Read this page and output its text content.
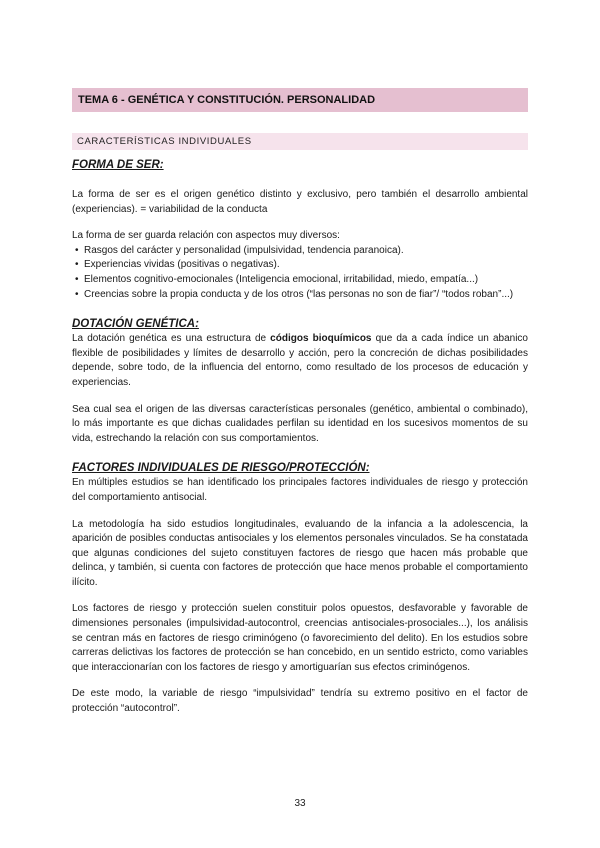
TEMA 6 - GENÉTICA Y CONSTITUCIÓN. PERSONALIDAD
CARACTERÍSTICAS INDIVIDUALES

FORMA DE SER:

La forma de ser es el origen genético distinto y exclusivo, pero también el desarrollo ambiental (experiencias). = variabilidad de la conducta

La forma de ser guarda relación con aspectos muy diversos:

• Rasgos del carácter y personalidad (impulsividad, tendencia paranoica).
• Experiencias vividas (positivas o negativas).
• Elementos cognitivo-emocionales (Inteligencia emocional, irritabilidad, miedo, empatía...)
• Creencias sobre la propia conducta y de los otros (“las personas no son de fiar”/ “todos roban”...)

DOTACIÓN GENÉTICA:

La dotación genética es una estructura de códigos bioquímicos que da a cada índice un abanico flexible de posibilidades y límites de desarrollo y acción, pero la concreción de dichas posibilidades depende, sobre todo, de la influencia del entorno, como resultado de los procesos de educación y experiencias.

Sea cual sea el origen de las diversas características personales (genético, ambiental o combinado), lo más importante es que dichas cualidades perfilan su identidad en los sucesivos momentos de su vida, estrechando la relación con sus comportamientos.

FACTORES INDIVIDUALES DE RIESGO/PROTECCIÓN:

En múltiples estudios se han identificado los principales factores individuales de riesgo y protección del comportamiento antisocial.

La metodología ha sido estudios longitudinales, evaluando de la infancia a la adolescencia, la aparición de posibles conductas antisociales y los elementos personales vinculados. Se ha constatada que algunas condiciones del sujeto constituyen factores de riesgo que hacen más probable que delinca, y también, si cuenta con factores de protección que hace menos probable el comportamiento ilícito.

Los factores de riesgo y protección suelen constituir polos opuestos, desfavorable y favorable de dimensiones personales (impulsividad-autocontrol, creencias antisociales-prosociales...), los análisis se centran más en factores de riesgo criminógeno (o favorecimiento del delito). En los estudios sobre carreras delictivas los factores de protección se han concebido, en un sentido estricto, como variables que interaccionarían con los factores de riesgo y amortiguarían sus efectos criminógenos.

De este modo, la variable de riesgo “impulsividad” tendría su extremo positivo en el factor de protección “autocontrol”.

33
